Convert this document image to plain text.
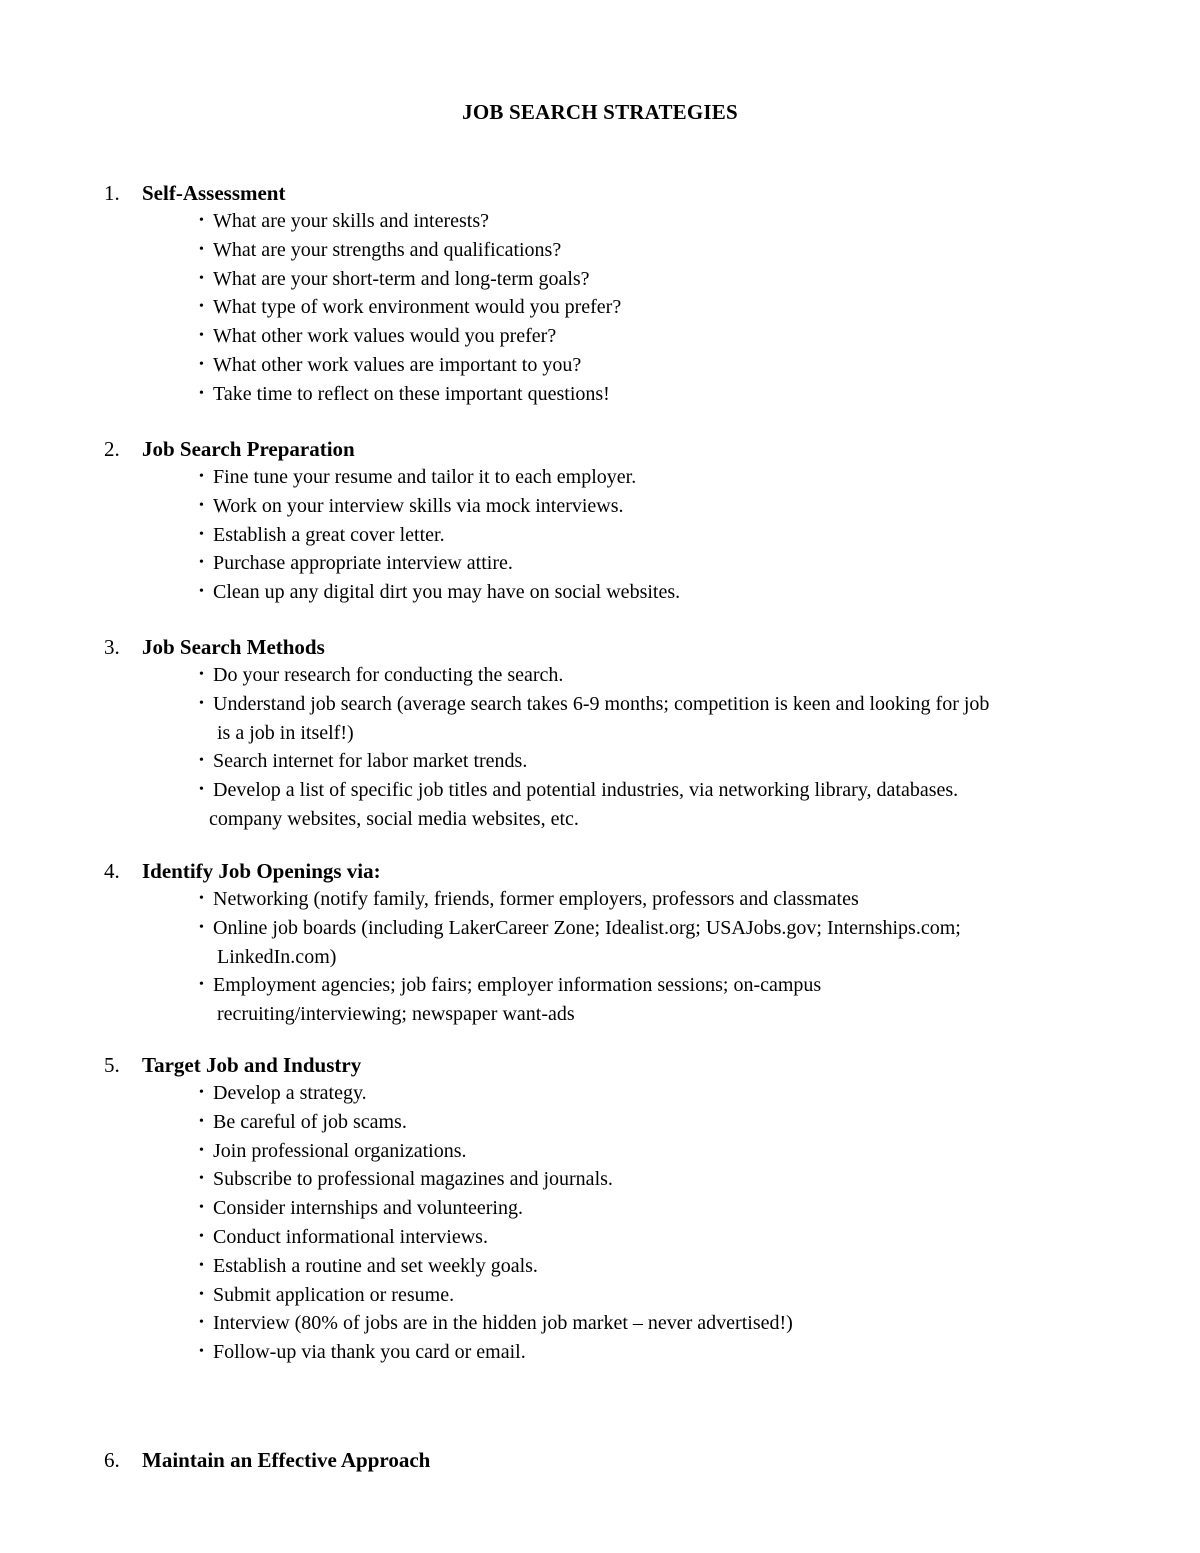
JOB SEARCH STRATEGIES
1. Self-Assessment
• What are your skills and interests?
• What are your strengths and qualifications?
• What are your short-term and long-term goals?
• What type of work environment would you prefer?
• What other work values would you prefer?
• What other work values are important to you?
• Take time to reflect on these important questions!
2. Job Search Preparation
• Fine tune your resume and tailor it to each employer.
• Work on your interview skills via mock interviews.
• Establish a great cover letter.
• Purchase appropriate interview attire.
• Clean up any digital dirt you may have on social websites.
3. Job Search Methods
• Do your research for conducting the search.
• Understand job search (average search takes 6-9 months; competition is keen and looking for job
is a job in itself!)
• Search internet for labor market trends.
• Develop a list of specific job titles and potential industries, via networking library, databases.
company websites, social media websites, etc.
4. Identify Job Openings via:
• Networking (notify family, friends, former employers, professors and classmates
• Online job boards (including LakerCareer Zone; Idealist.org; USAJobs.gov; Internships.com;
LinkedIn.com)
• Employment agencies; job fairs; employer information sessions; on-campus
recruiting/interviewing; newspaper want-ads
5. Target Job and Industry
• Develop a strategy.
• Be careful of job scams.
• Join professional organizations.
• Subscribe to professional magazines and journals.
• Consider internships and volunteering.
• Conduct informational interviews.
• Establish a routine and set weekly goals.
• Submit application or resume.
• Interview (80% of jobs are in the hidden job market – never advertised!)
• Follow-up via thank you card or email.
6. Maintain an Effective Approach
